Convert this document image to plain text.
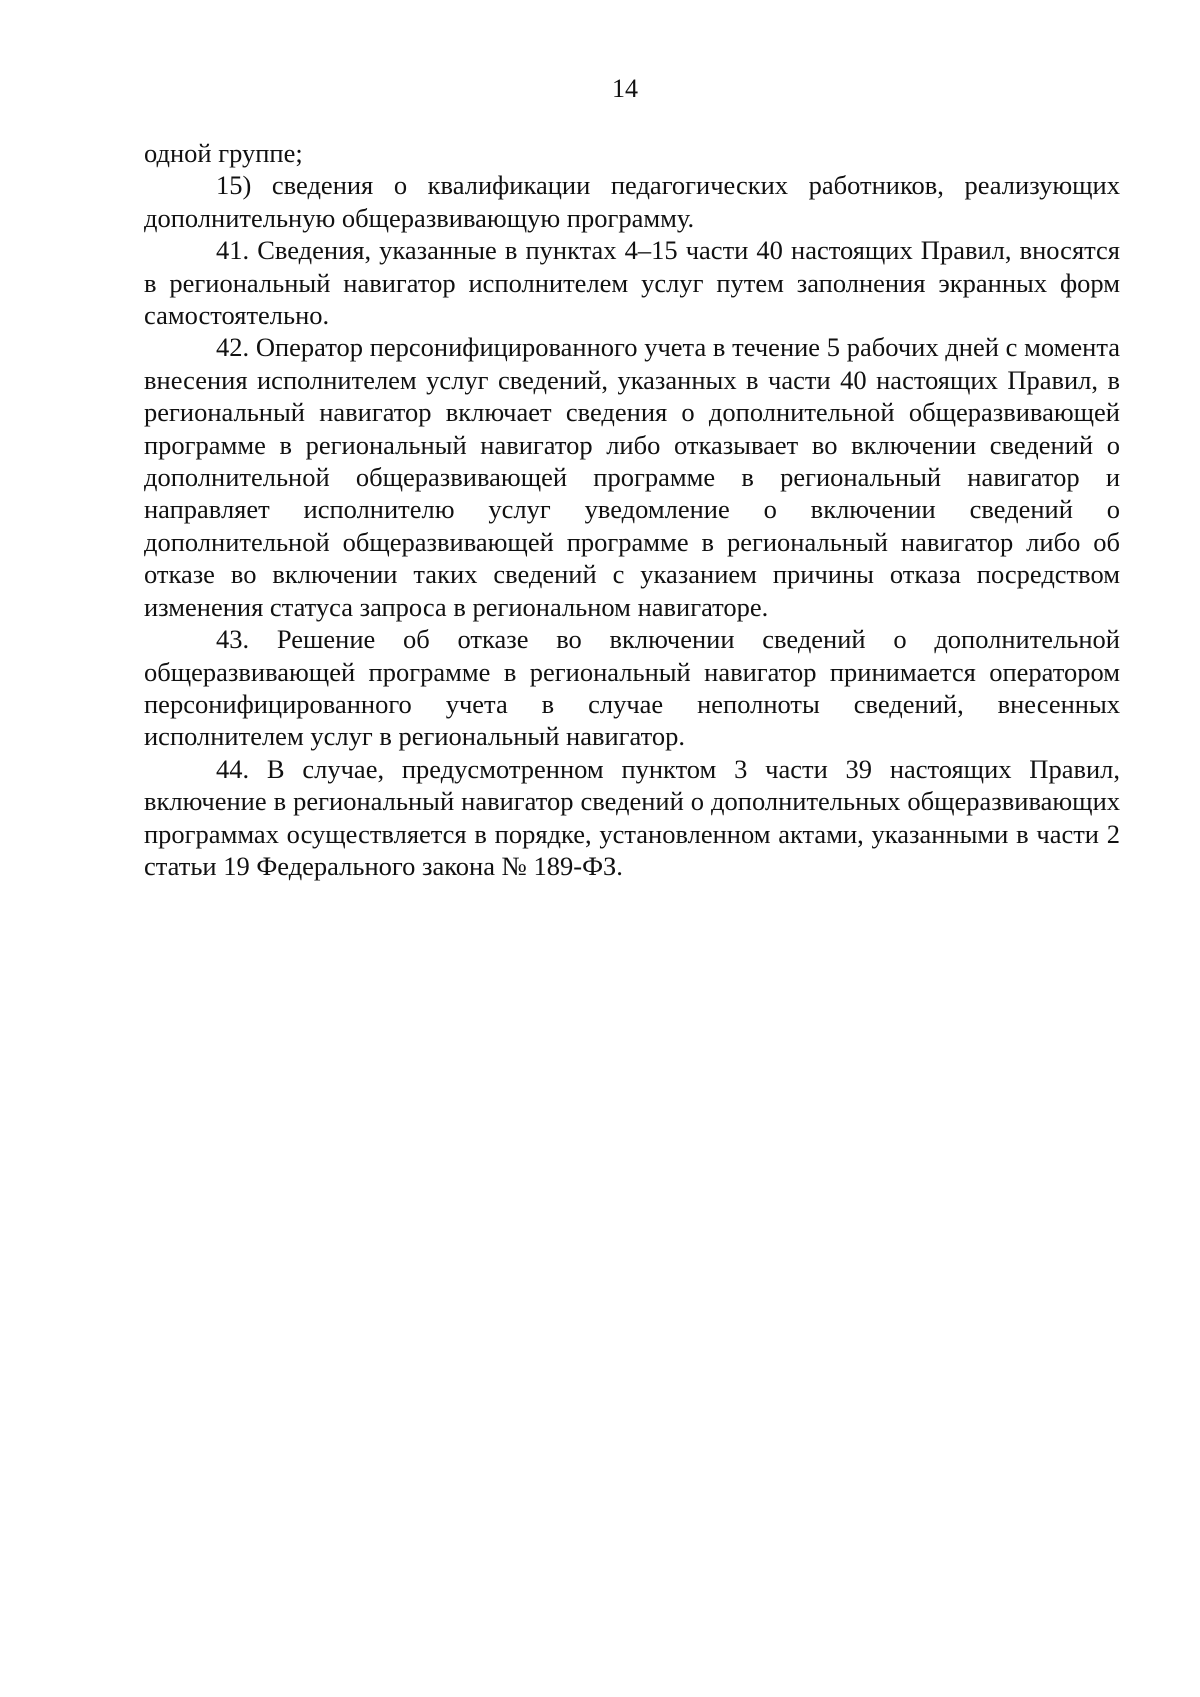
14

одной группе;

15) сведения о квалификации педагогических работников, реализующих дополнительную общеразвивающую программу.

41. Сведения, указанные в пунктах 4–15 части 40 настоящих Правил, вносятся в региональный навигатор исполнителем услуг путем заполнения экранных форм самостоятельно.

42. Оператор персонифицированного учета в течение 5 рабочих дней с момента внесения исполнителем услуг сведений, указанных в части 40 настоящих Правил, в региональный навигатор включает сведения о дополнительной общеразвивающей программе в региональный навигатор либо отказывает во включении сведений о дополнительной общеразвивающей программе в региональный навигатор и направляет исполнителю услуг уведомление о включении сведений о дополнительной общеразвивающей программе в региональный навигатор либо об отказе во включении таких сведений с указанием причины отказа посредством изменения статуса запроса в региональном навигаторе.

43. Решение об отказе во включении сведений о дополнительной общеразвивающей программе в региональный навигатор принимается оператором персонифицированного учета в случае неполноты сведений, внесенных исполнителем услуг в региональный навигатор.

44. В случае, предусмотренном пунктом 3 части 39 настоящих Правил, включение в региональный навигатор сведений о дополнительных общеразвивающих программах осуществляется в порядке, установленном актами, указанными в части 2 статьи 19 Федерального закона № 189-ФЗ.
